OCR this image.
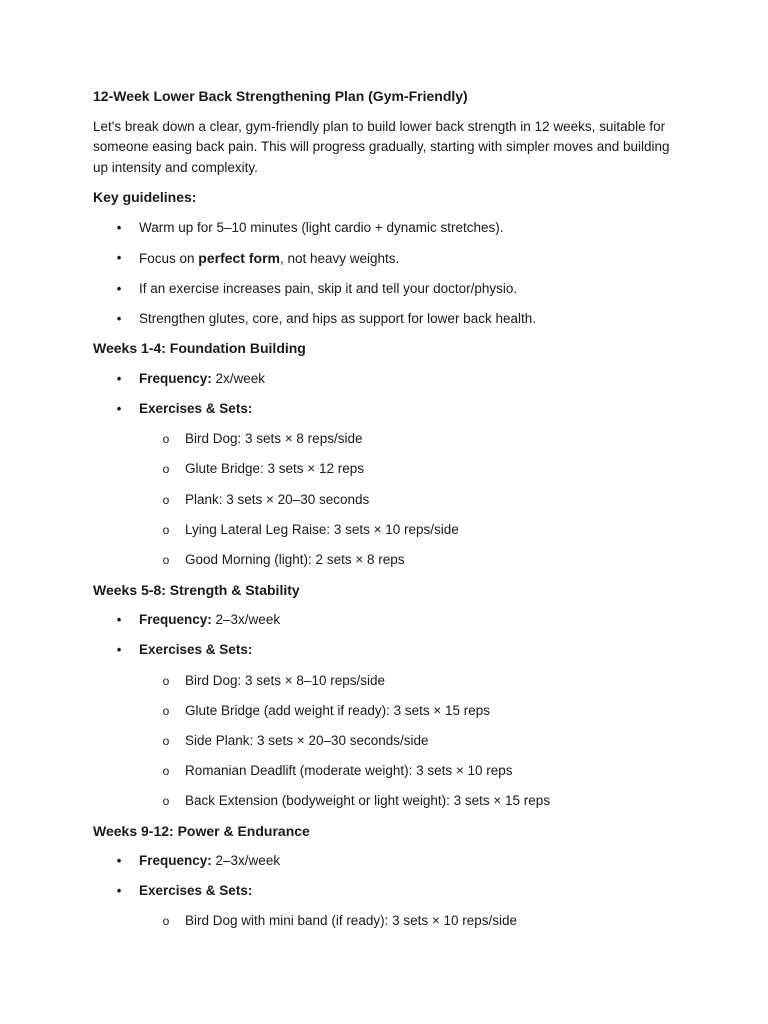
12-Week Lower Back Strengthening Plan (Gym-Friendly)

Let's break down a clear, gym-friendly plan to build lower back strength in 12 weeks, suitable for someone easing back pain. This will progress gradually, starting with simpler moves and building up intensity and complexity.

Key guidelines:
•	Warm up for 5–10 minutes (light cardio + dynamic stretches).
•	Focus on perfect form, not heavy weights.
•	If an exercise increases pain, skip it and tell your doctor/physio.
•	Strengthen glutes, core, and hips as support for lower back health.
Weeks 1-4: Foundation Building
•	Frequency: 2x/week
•	Exercises & Sets:
o	Bird Dog: 3 sets × 8 reps/side
o	Glute Bridge: 3 sets × 12 reps
o	Plank: 3 sets × 20–30 seconds
o	Lying Lateral Leg Raise: 3 sets × 10 reps/side
o	Good Morning (light): 2 sets × 8 reps
Weeks 5-8: Strength & Stability
•	Frequency: 2–3x/week
•	Exercises & Sets:
o	Bird Dog: 3 sets × 8–10 reps/side
o	Glute Bridge (add weight if ready): 3 sets × 15 reps
o	Side Plank: 3 sets × 20–30 seconds/side
o	Romanian Deadlift (moderate weight): 3 sets × 10 reps
o	Back Extension (bodyweight or light weight): 3 sets × 15 reps
Weeks 9-12: Power & Endurance
•	Frequency: 2–3x/week
•	Exercises & Sets:
o	Bird Dog with mini band (if ready): 3 sets × 10 reps/side
